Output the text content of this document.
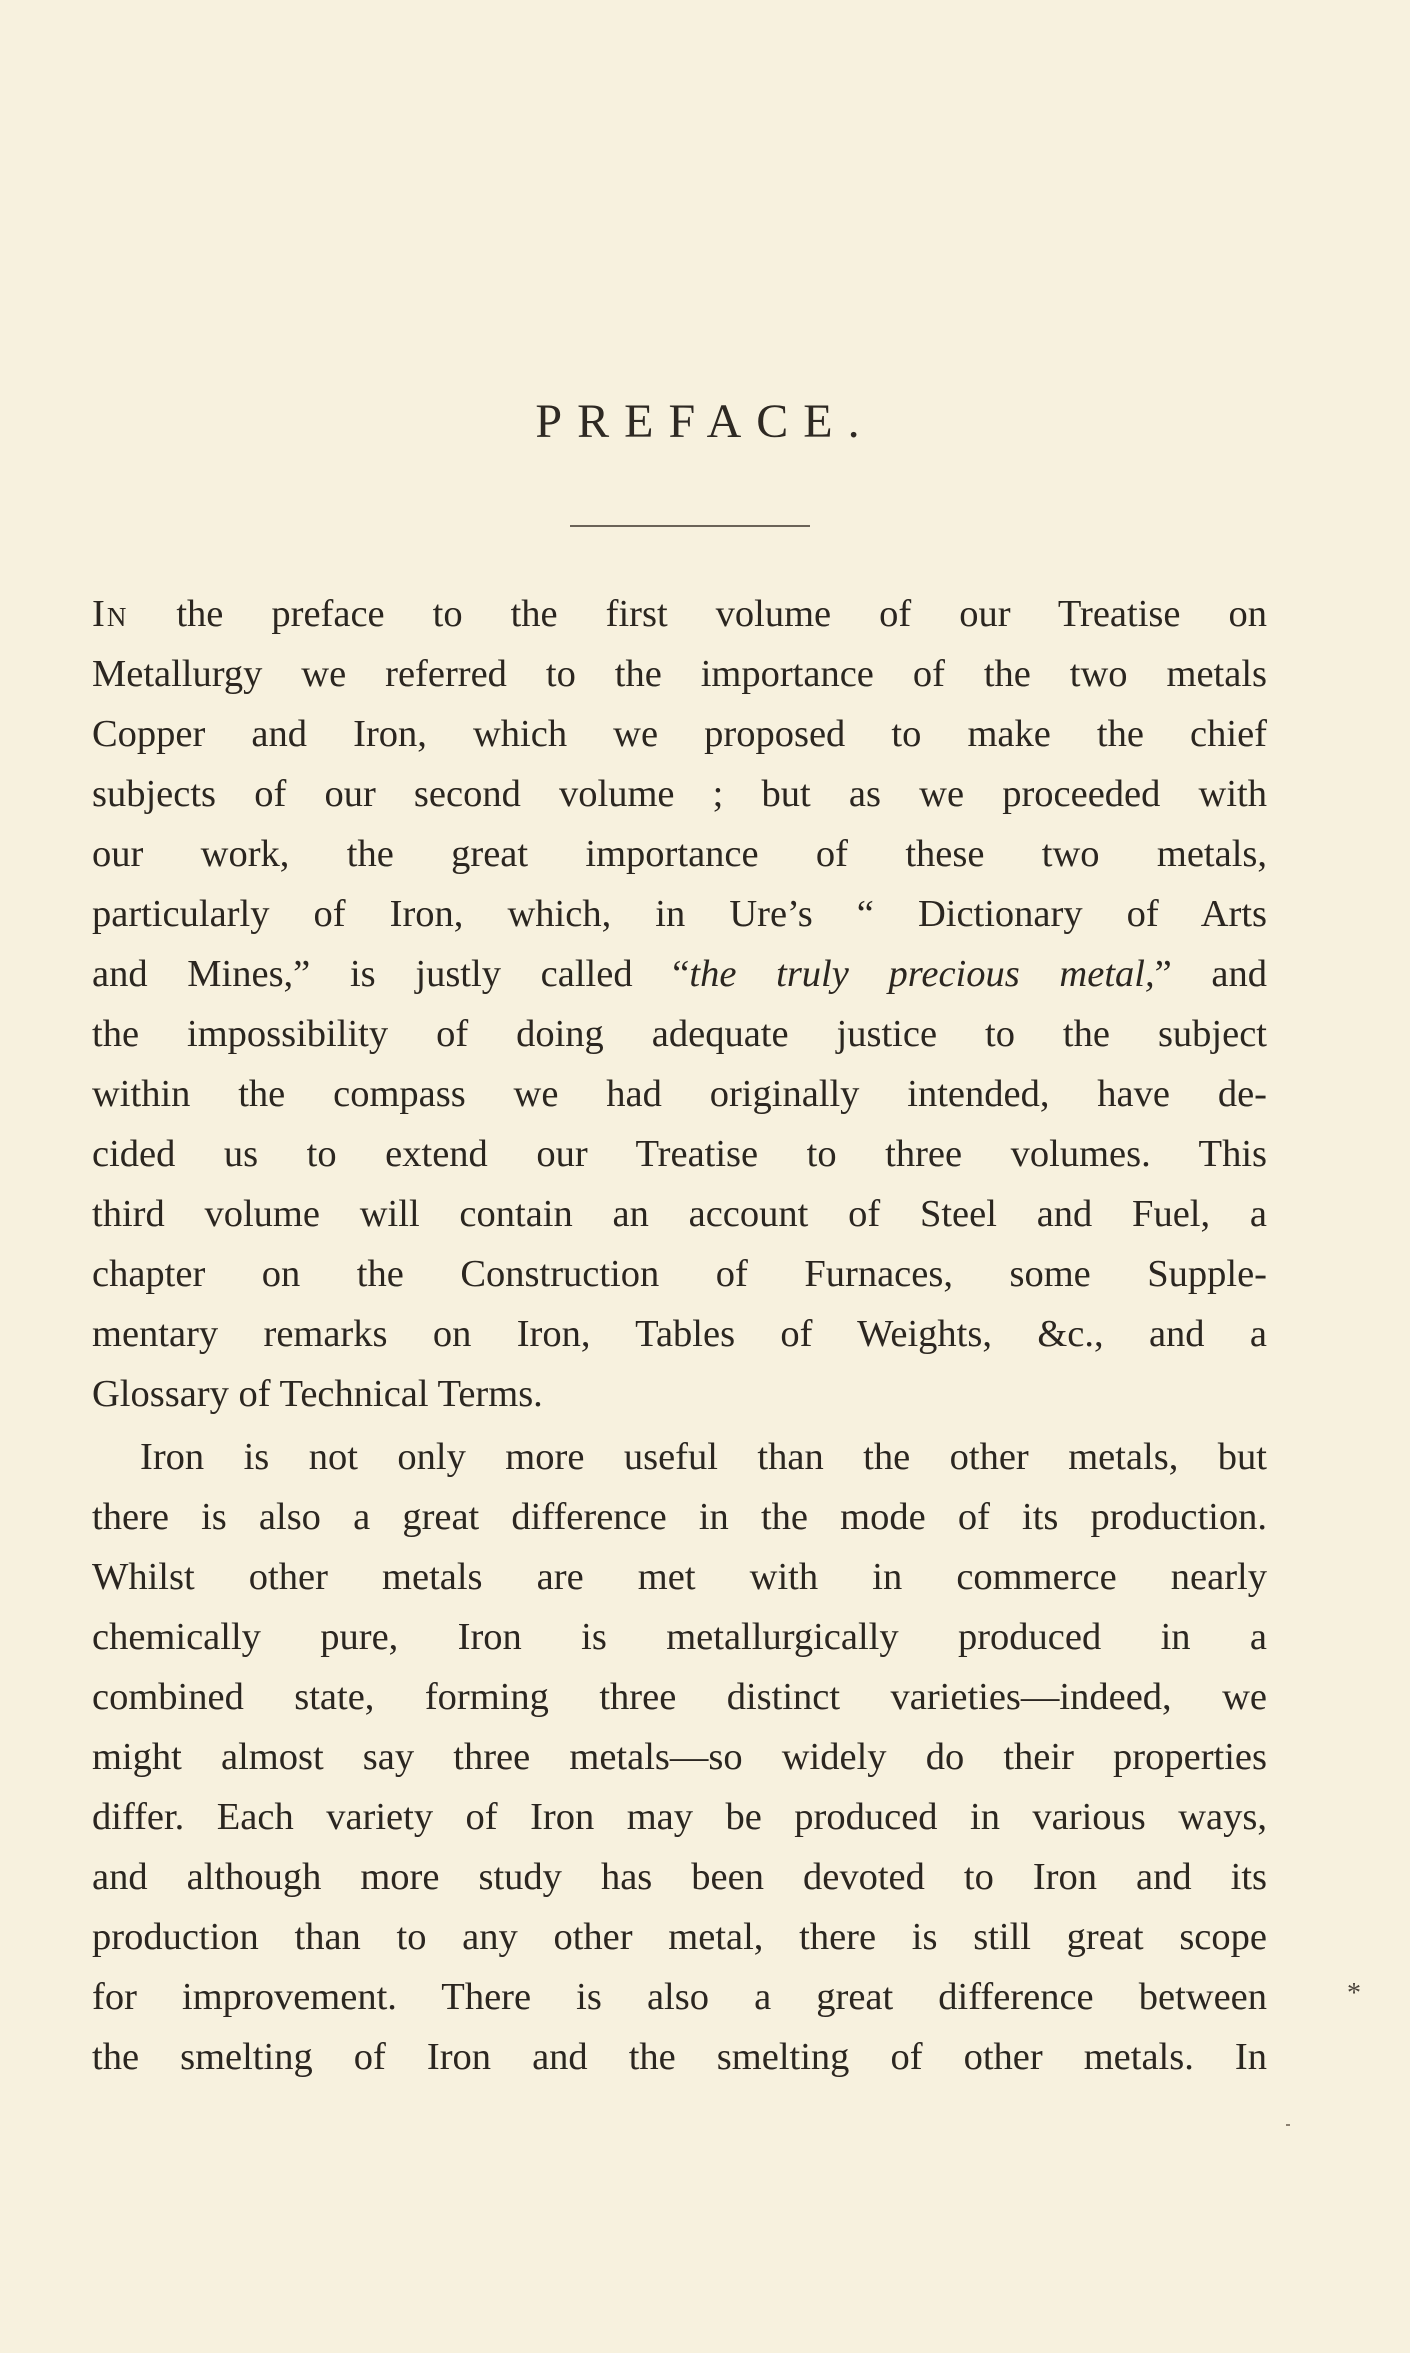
PREFACE.
In the preface to the first volume of our Treatise on
Metallurgy we referred to the importance of the two metals
Copper and Iron, which we proposed to make the chief
subjects of our second volume ; but as we proceeded with
our work, the great importance of these two metals,
particularly of Iron, which, in Ure’s “ Dictionary of Arts
and Mines,” is justly called “the truly precious metal,” and
the impossibility of doing adequate justice to the subject
within the compass we had originally intended, have de-
cided us to extend our Treatise to three volumes. This
third volume will contain an account of Steel and Fuel, a
chapter on the Construction of Furnaces, some Supple-
mentary remarks on Iron, Tables of Weights, &c., and a
Glossary of Technical Terms.
Iron is not only more useful than the other metals, but
there is also a great difference in the mode of its production.
Whilst other metals are met with in commerce nearly
chemically pure, Iron is metallurgically produced in a
combined state, forming three distinct varieties—indeed, we
might almost say three metals—so widely do their properties
differ. Each variety of Iron may be produced in various ways,
and although more study has been devoted to Iron and its
production than to any other metal, there is still great scope
for improvement. There is also a great difference between
the smelting of Iron and the smelting of other metals. In
*
